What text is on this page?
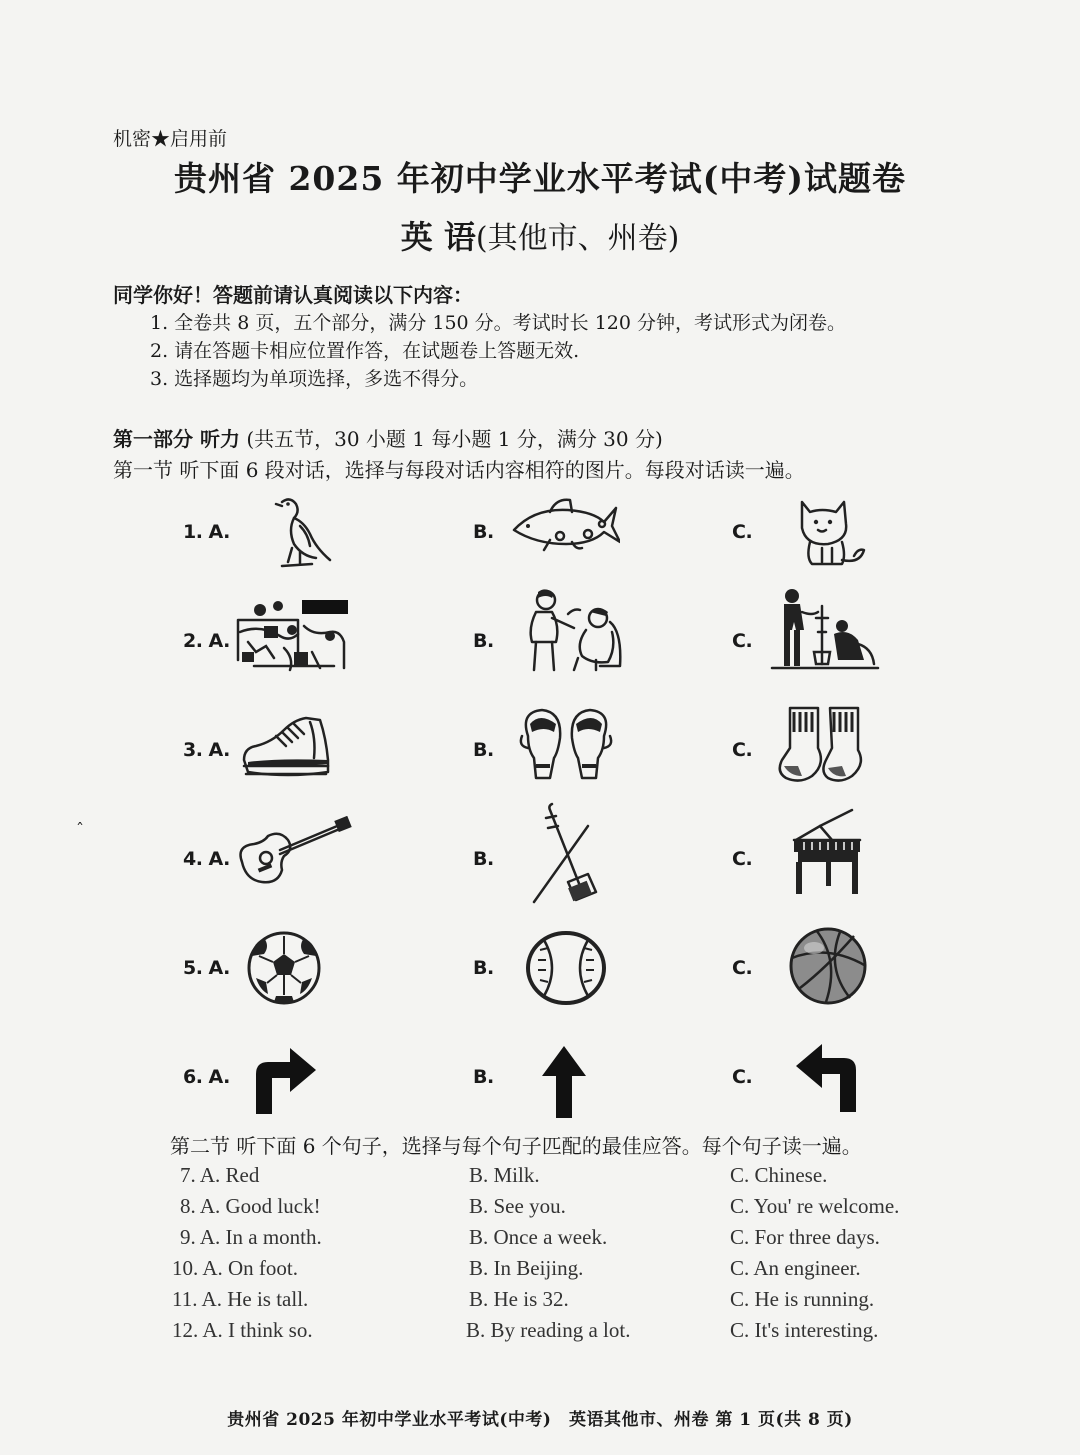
机密★启用前
贵州省 2025 年初中学业水平考试(中考)试题卷
英 语(其他市、州卷)
同学你好！答题前请认真阅读以下内容：
1. 全卷共 8 页，五个部分，满分 150 分。考试时长 120 分钟，考试形式为闭卷。
2. 请在答题卡相应位置作答，在试题卷上答题无效.
3. 选择题均为单项选择，多选不得分。
第一部分 听力 (共五节，30 小题 1 每小题 1 分，满分 30 分)
第一节 听下面 6 段对话，选择与每段对话内容相符的图片。每段对话读一遍。
ˆ
1. A.	B.	C.
2. A.	B.	C.
3. A.	B.	C.
4. A.	B.	C.
5. A.	B.	C.
6. A.	B.	C.
第二节 听下面 6 个句子，选择与每个句子匹配的最佳应答。每个句子读一遍。
7. A. Red	B. Milk.	C. Chinese.
8. A. Good luck!	B. See you.	C. You' re welcome.
9. A. In a month.	B. Once a week.	C. For three days.
10. A. On foot.	B. In Beijing.	C. An engineer.
11. A. He is tall.	B. He is 32.	C. He is running.
12. A. I think so.	B. By reading a lot.	C. It's interesting.
贵州省 2025 年初中学业水平考试(中考)　英语其他市、州卷 第 1 页(共 8 页)
